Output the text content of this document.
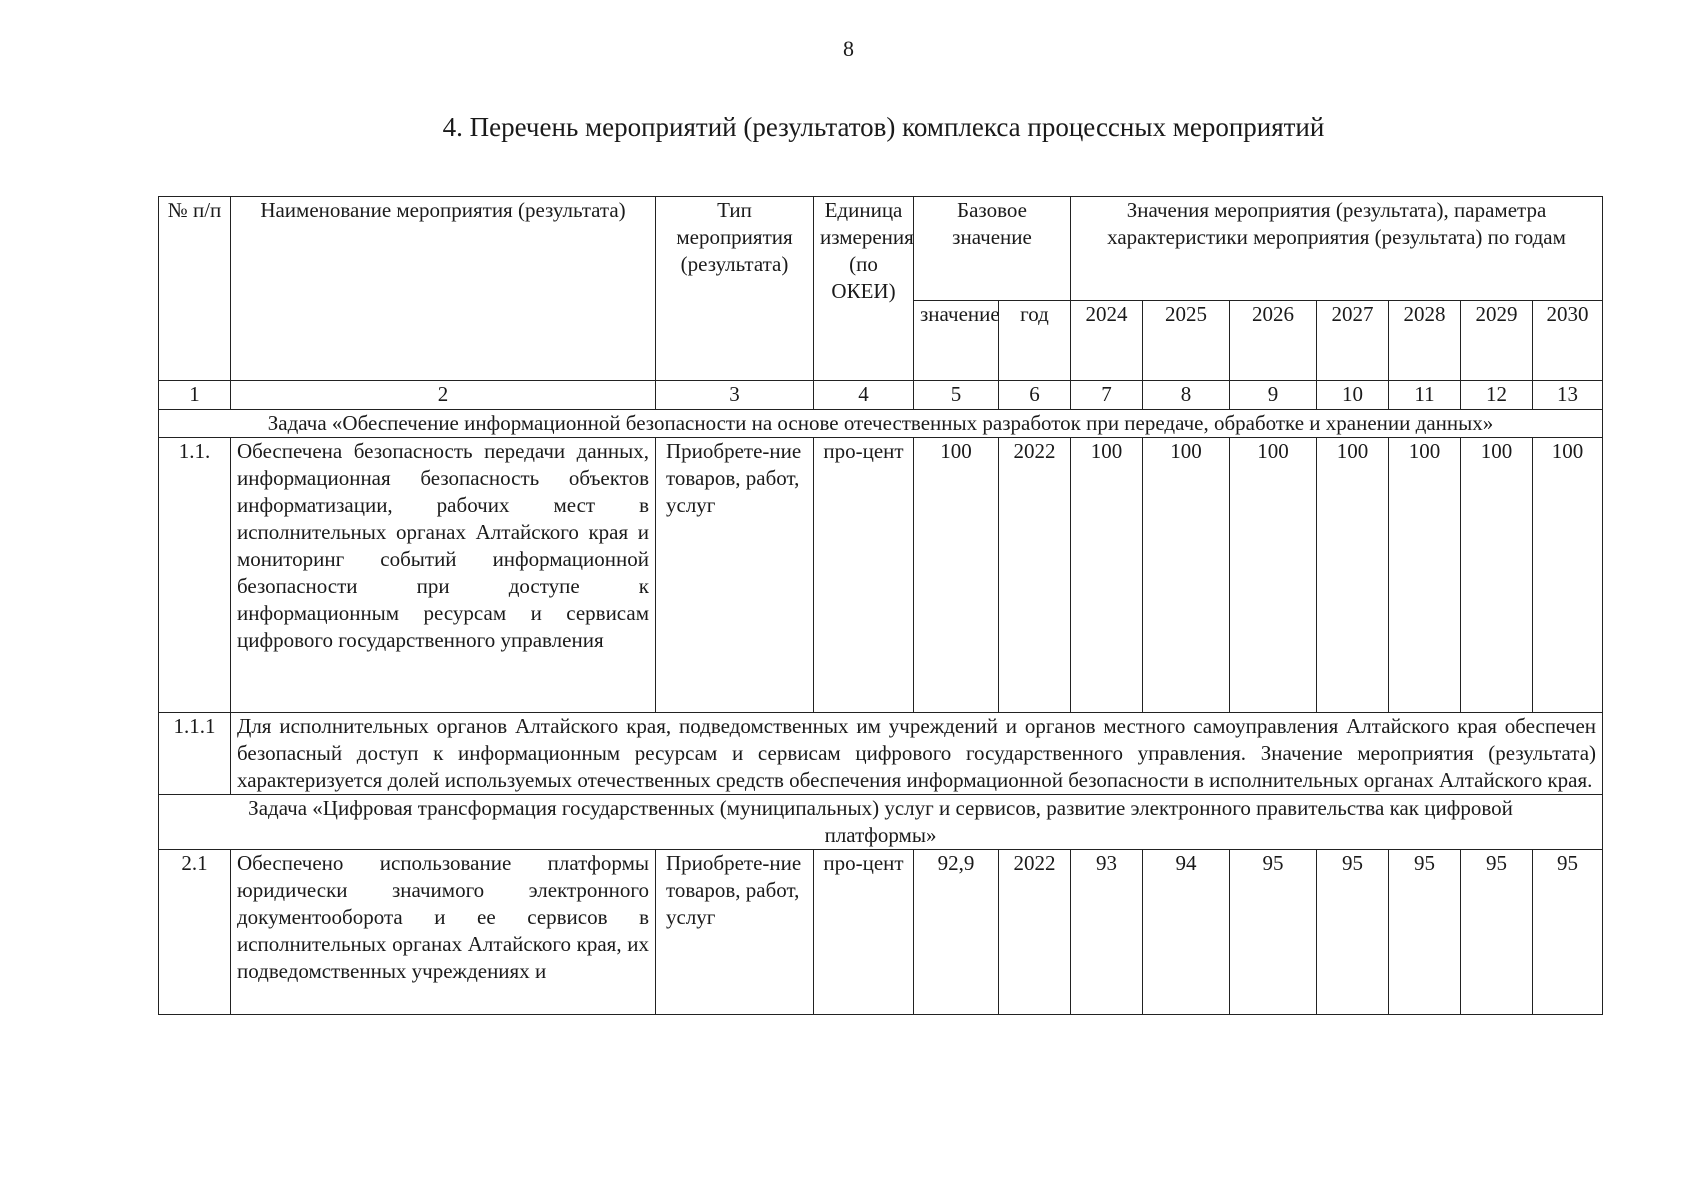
8
4. Перечень мероприятий (результатов) комплекса процессных мероприятий
№ п/п	Наименование мероприятия (результата)	Тип мероприятия (результата)	Единица измерения (по ОКЕИ)	Базовое значение		Значения мероприятия (результата), параметра характеристики мероприятия (результата) по годам						
				значение	год	2024	2025	2026	2027	2028	2029	2030
1	2	3	4	5	6	7	8	9	10	11	12	13
Задача «Обеспечение информационной безопасности на основе отечественных разработок при передаче, обработке и хранении данных»												
1.1.	Обеспечена безопасность передачи данных, информационная безопасность объектов информатизации, рабочих мест в исполнительных органах Алтайского края и мониторинг событий информационной безопасности при доступе к информационным ресурсам и сервисам цифрового государственного управления	Приобрете-ние товаров, работ, услуг	про-цент	100	2022	100	100	100	100	100	100	100
1.1.1	Для исполнительных органов Алтайского края, подведомственных им учреждений и органов местного самоуправления Алтайского края обеспечен безопасный доступ к информационным ресурсам и сервисам цифрового государственного управления. Значение мероприятия (результата) характеризуется долей используемых отечественных средств обеспечения информационной безопасности в исполнительных органах Алтайского края.											
Задача «Цифровая трансформация государственных (муниципальных) услуг и сервисов, развитие электронного правительства как цифровой платформы»												
2.1	Обеспечено использование платформы юридически значимого электронного документооборота и ее сервисов в исполнительных органах Алтайского края, их подведомственных учреждениях и	Приобрете-ние товаров, работ, услуг	про-цент	92,9	2022	93	94	95	95	95	95	95
